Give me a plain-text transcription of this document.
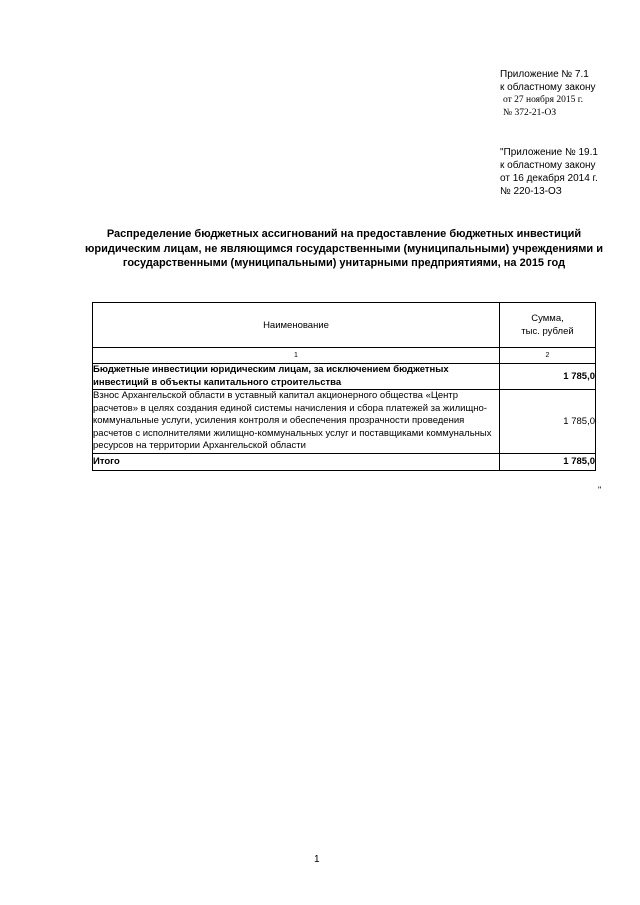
Приложение № 7.1
к областному закону
от 27 ноября 2015 г.
№ 372-21-ОЗ
"Приложение № 19.1
к областному закону
от 16 декабря 2014 г.
№ 220-13-ОЗ
Распределение бюджетных ассигнований на предоставление бюджетных инвестиций юридическим лицам, не являющимся государственными (муниципальными) учреждениями и государственными (муниципальными) унитарными предприятиями, на 2015 год
Наименование	Сумма,
тыс. рублей

1	2
Бюджетные инвестиции юридическим лицам, за исключением бюджетных инвестиций в объекты капитального строительства	1 785,0
Взнос Архангельской области в уставный капитал акционерного общества «Центр расчетов» в целях создания единой системы начисления и сбора платежей за жилищно-коммунальные услуги, усиления контроля и обеспечения прозрачности проведения расчетов с исполнителями жилищно-коммунальных услуг и поставщиками коммунальных ресурсов на территории Архангельской области	1 785,0
Итого	1 785,0
"
1
